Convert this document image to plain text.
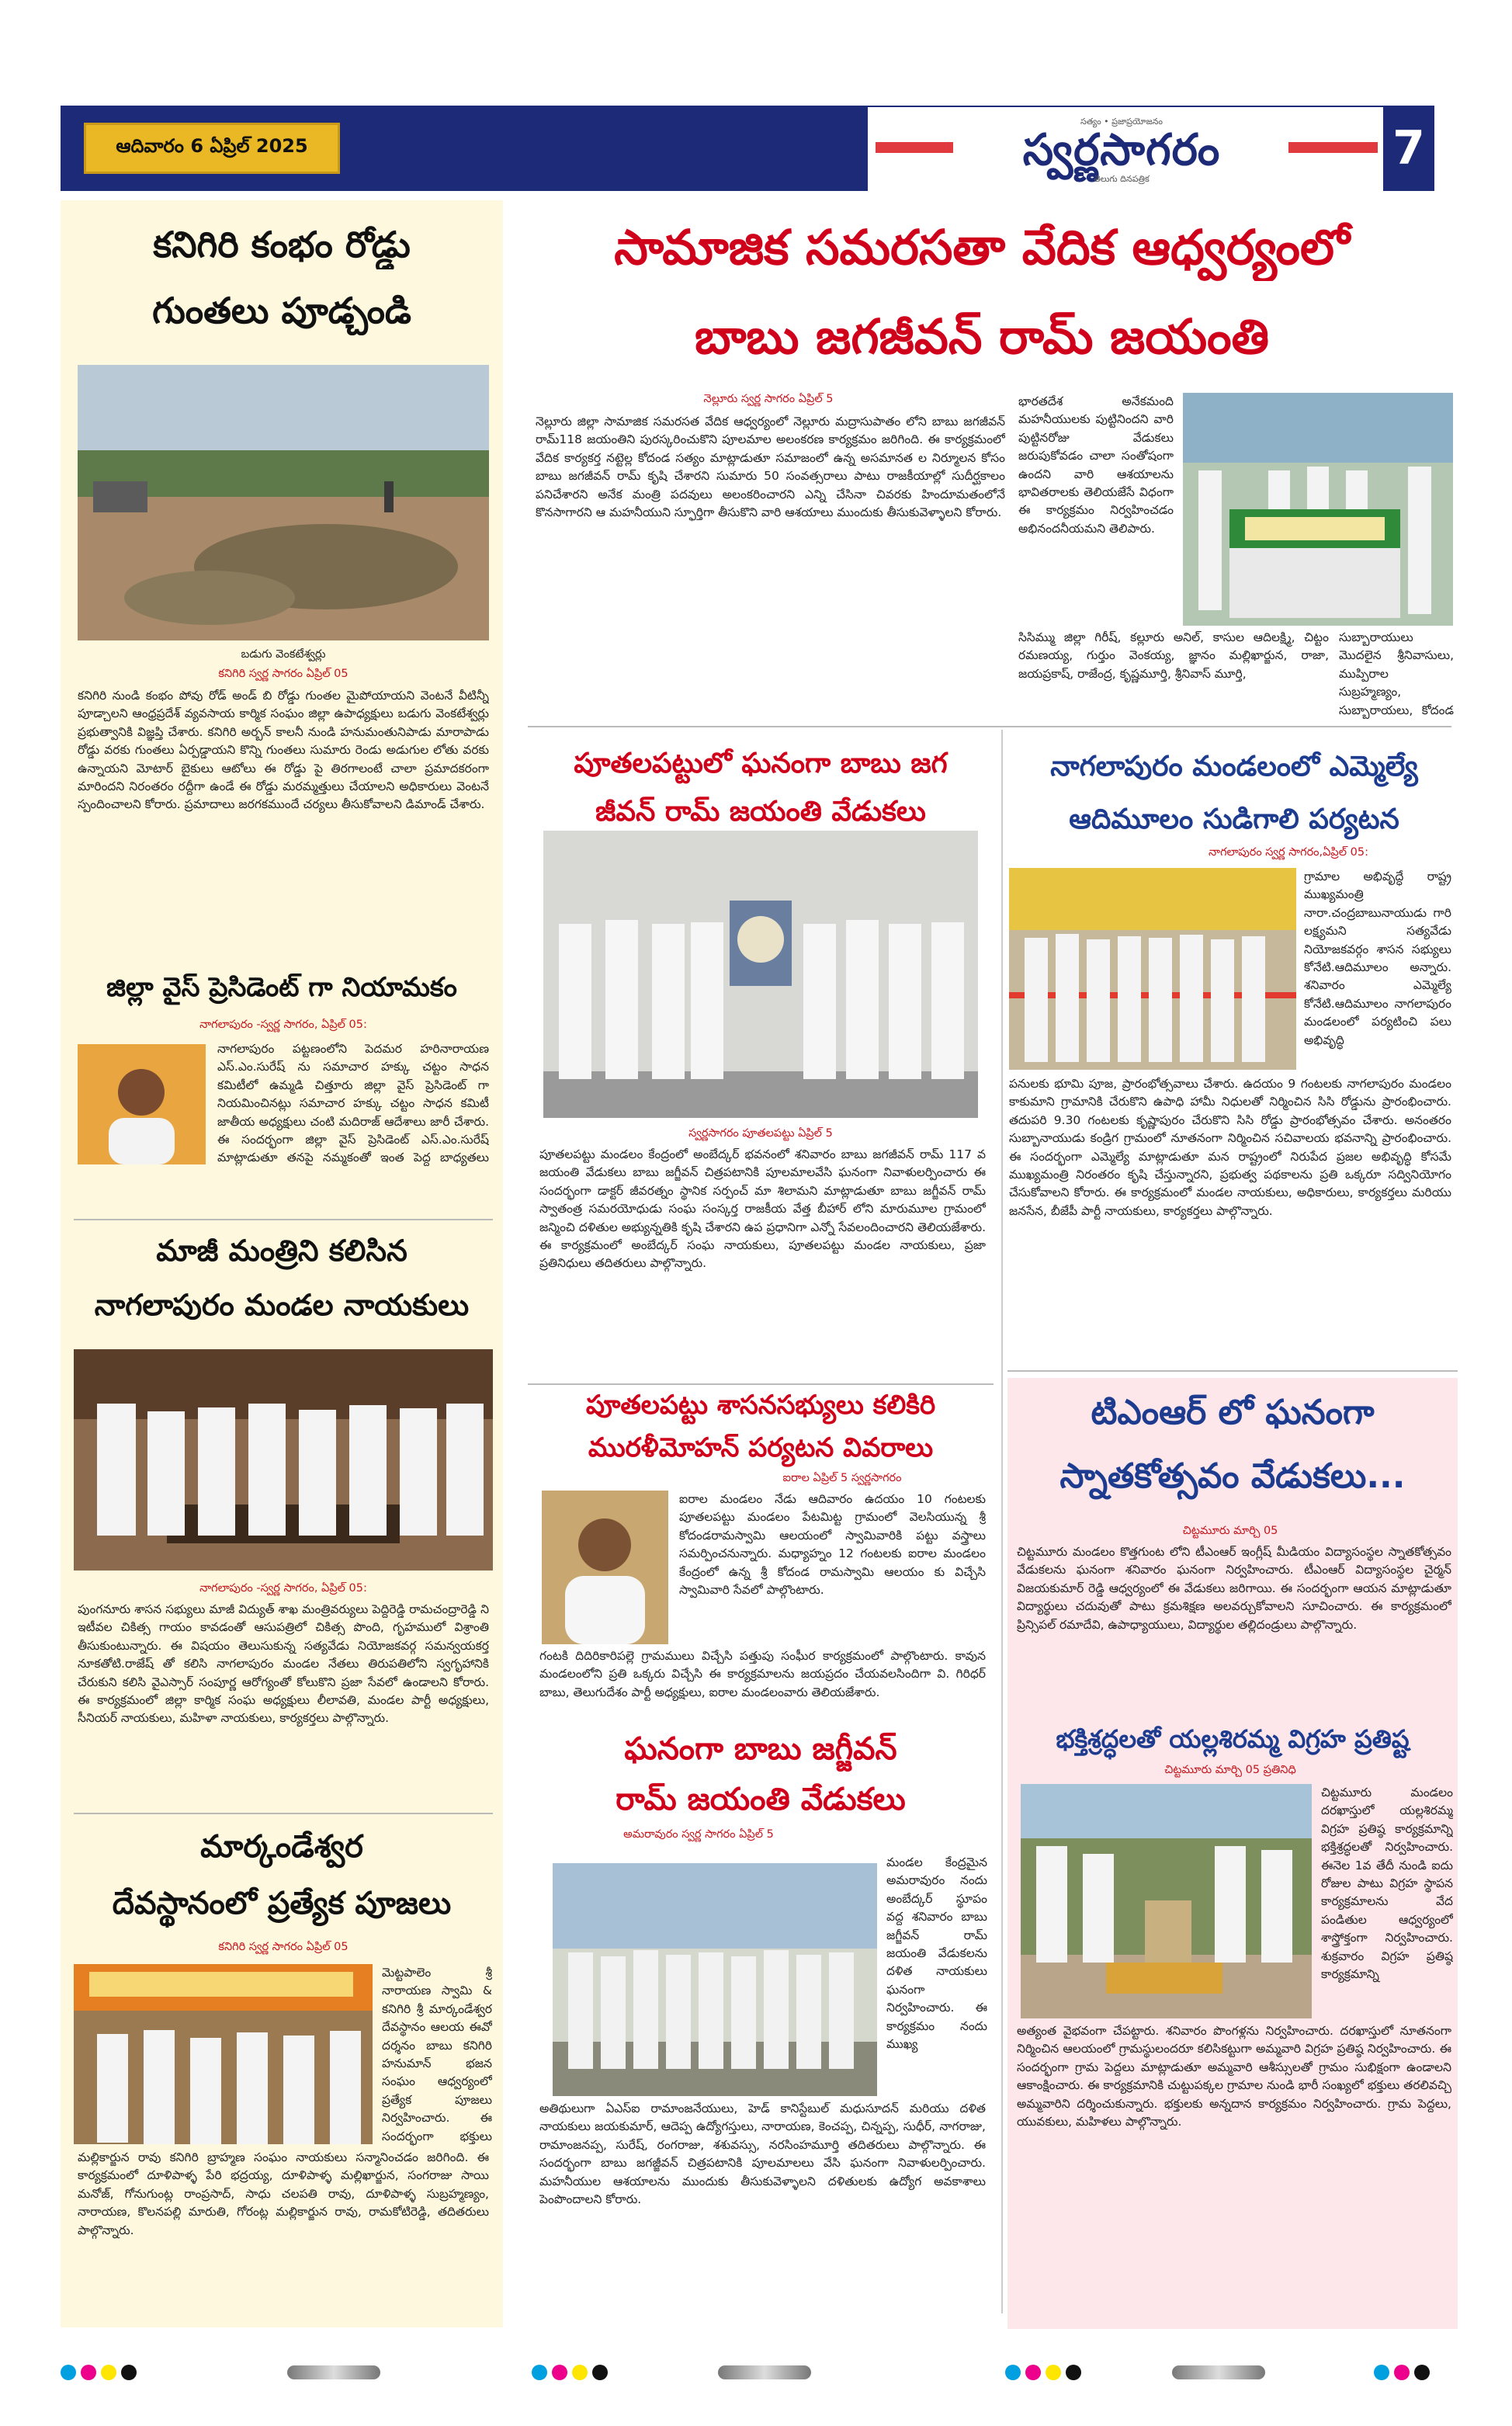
ఆదివారం 6 ఏప్రిల్ 2025
సత్యం • ప్రజాప్రయోజనం
స్వర్ణసాగరం
తెలుగు దినపత్రిక
7
కనిగిరి కంభం రోడ్డు
గుంతలు పూడ్చండి
బడుగు వెంకటేశ్వర్లు
కనిగిరి స్వర్ణ సాగరం ఏప్రిల్ 05
కనిగిరి నుండి కంభం పోవు రోడ్ అండ్ బి రోడ్డు గుంతల మైపోయాయని వెంటనే వీటిన్నీ పూడ్చాలని ఆంధ్రప్రదేశ్ వ్యవసాయ కార్మిక సంఘం జిల్లా ఉపాధ్యక్షులు బడుగు వెంకటేశ్వర్లు ప్రభుత్వానికి విజ్ఞప్తి చేశారు. కనిగిరి అర్బన్ కాలనీ నుండి హనుమంతునిపాడు మారాపాడు రోడ్డు వరకు గుంతలు ఏర్పడ్డాయని కొన్ని గుంతలు సుమారు రెండు అడుగుల లోతు వరకు ఉన్నాయని మోటార్ బైకులు ఆటోలు ఈ రోడ్డు పై తిరగాలంటే చాలా ప్రమాదకరంగా మారిందని నిరంతరం రద్దీగా ఉండే ఈ రోడ్డు మరమ్మత్తులు చేయాలని అధికారులు వెంటనే స్పందించాలని కోరారు. ప్రమాదాలు జరగకముందే చర్యలు తీసుకోవాలని డిమాండ్ చేశారు.
జిల్లా వైస్ ప్రెసిడెంట్ గా నియామకం
నాగలాపురం -స్వర్ణ సాగరం, ఏప్రిల్ 05:
నాగలాపురం పట్టణంలోని పెదమర హరినారాయణ ఎస్.ఎం.సురేష్ ను సమాచార హక్కు చట్టం సాధన కమిటీలో ఉమ్మడి చిత్తూరు జిల్లా వైస్ ప్రెసిడెంట్ గా నియమించినట్లు సమాచార హక్కు చట్టం సాధన కమిటీ జాతీయ అధ్యక్షులు చంటి మదిరాజ్ ఆదేశాలు జారీ చేశారు. ఈ సందర్భంగా జిల్లా వైస్ ప్రెసిడెంట్ ఎస్.ఎం.సురేష్ మాట్లాడుతూ తనపై నమ్మకంతో ఇంత పెద్ద బాధ్యతలు
మాజీ మంత్రిని కలిసిన
నాగలాపురం మండల నాయకులు
నాగలాపురం -స్వర్ణ సాగరం, ఏప్రిల్ 05:
పుంగనూరు శాసన సభ్యులు మాజీ విద్యుత్ శాఖ మంత్రివర్యులు పెద్దిరెడ్డి రామచంద్రారెడ్డి ని ఇటీవల చికిత్స గాయం కావడంతో ఆసుపత్రిలో చికిత్స పొంది, గృహములో విశ్రాంతి తీసుకుంటున్నారు. ఈ విషయం తెలుసుకున్న సత్యవేడు నియోజకవర్గ సమన్వయకర్త నూకతోటి.రాజేష్ తో కలిసి నాగలాపురం మండల నేతలు తిరుపతిలోని స్వగృహానికి చేరుకుని కలిసి వైఎస్సార్ సంపూర్ణ ఆరోగ్యంతో కోలుకొని ప్రజా సేవలో ఉండాలని కోరారు. ఈ కార్యక్రమంలో జిల్లా కార్మిక సంఘ అధ్యక్షులు లీలావతి, మండల పార్టీ అధ్యక్షులు, సీనియర్ నాయకులు, మహిళా నాయకులు, కార్యకర్తలు పాల్గొన్నారు.
మార్కండేశ్వర
దేవస్థానంలో ప్రత్యేక పూజలు
కనిగిరి స్వర్ణ సాగరం ఏప్రిల్ 05
మెట్టపాలెం శ్రీ నారాయణ స్వామి & కనిగిరి శ్రీ మార్కండేశ్వర దేవస్థానం ఆలయ ఈవో దర్శనం బాబు కనిగిరి హనుమాన్ భజన సంఘం ఆధ్వర్యంలో ప్రత్యేక పూజలు నిర్వహించారు. ఈ సందర్భంగా భక్తులు
మల్లికార్జున రావు కనిగిరి బ్రాహ్మణ సంఘం నాయకులు సన్మానించడం జరిగింది. ఈ కార్యక్రమంలో దూళిపాళ్ళ పేరి భద్రయ్య, దూళిపాళ్ళ మల్లిఖార్జున, సంగరాజు సాయి మనోజ్, గోనుగుంట్ల రాంప్రసాద్, సాధు చలపతి రావు, దూళిపాళ్ళ సుబ్రహ్మణ్యం, నారాయణ, కొలనపల్లి మారుతి, గోరంట్ల మల్లికార్జున రావు, రామకోటిరెడ్డి, తదితరులు పాల్గొన్నారు.
సామాజిక సమరసతా వేదిక ఆధ్వర్యంలో
బాబు జగజీవన్ రామ్ జయంతి
నెల్లూరు స్వర్ణ సాగరం ఏప్రిల్ 5
నెల్లూరు జిల్లా సామాజిక సమరసత వేదిక ఆధ్వర్యంలో నెల్లూరు మద్రాసుపాతం లోని బాబు జగజీవన్ రామ్118 జయంతిని పురస్కరించుకొని పూలమాల అలంకరణ కార్యక్రమం జరిగింది. ఈ కార్యక్రమంలో వేదిక కార్యకర్త నట్టెల్ల కోదండ సత్యం మాట్లాడుతూ సమాజంలో ఉన్న అసమానత ల నిర్మూలన కోసం బాబు జగజీవన్ రామ్ కృషి చేశారని సుమారు 50 సంవత్సరాలు పాటు రాజకీయాల్లో సుదీర్ఘకాలం పనిచేశారని అనేక మంత్రి పదవులు అలంకరించారని ఎన్ని చేసినా చివరకు హిందూమతంలోనే కొనసాగారని ఆ మహనీయుని స్ఫూర్తిగా తీసుకొని వారి ఆశయాలు ముందుకు తీసుకువెళ్ళాలని కోరారు.
భారతదేశ అనేకమంది మహనీయులకు పుట్టినిందని వారి పుట్టినరోజు వేడుకలు జరుపుకోవడం చాలా సంతోషంగా ఉందని వారి ఆశయాలను భావితరాలకు తెలియజేసే విధంగా ఈ కార్యక్రమం నిర్వహించడం అభినందనీయమని తెలిపారు.
సిసిమ్ము జిల్లా గిరీష్, కల్లూరు అనిల్, కాసుల ఆదిలక్ష్మి, చిట్టం రమణయ్య, గుర్తుం వెంకయ్య, జ్ఞానం మల్లిఖార్జున, రాజా, జయప్రకాష్, రాజేంద్ర, కృష్ణమూర్తి, శ్రీనివాస్ మూర్తి,
సుబ్బారాయులు మొదలైన శ్రీనివాసులు, ముప్పిరాల సుబ్రహ్మణ్యం, సుబ్బారాయలు, కోదండ
పూతలపట్టులో ఘనంగా బాబు జగ
జీవన్ రామ్ జయంతి వేడుకలు
స్వర్ణసాగరం పూతలపట్టు ఏప్రిల్ 5
పూతలపట్టు మండలం కేంద్రంలో అంబేద్కర్ భవనంలో శనివారం బాబు జగజీవన్ రామ్ 117 వ జయంతి వేడుకలు బాబు జగ్జీవన్ చిత్రపటానికి పూలమాలవేసి ఘనంగా నివాళులర్పించారు ఈ సందర్భంగా డాక్టర్ జీవరత్నం స్థానిక సర్పంచ్ మా శిలామని మాట్లాడుతూ బాబు జగ్జీవన్ రామ్ స్వాతంత్ర సమరయోధుడు సంఘ సంస్కర్త రాజకీయ వేత్త బీహార్ లోని మారుమూల గ్రామంలో జన్మించి దళితుల అభ్యున్నతికి కృషి చేశారని ఉప ప్రధానిగా ఎన్నో సేవలందించారని తెలియజేశారు. ఈ కార్యక్రమంలో అంబేద్కర్ సంఘ నాయకులు, పూతలపట్టు మండల నాయకులు, ప్రజా ప్రతినిధులు తదితరులు పాల్గొన్నారు.
పూతలపట్టు శాసనసభ్యులు కలికిరి
మురళీమోహన్ పర్యటన వివరాలు
ఐరాల ఏప్రిల్ 5 స్వర్ణసాగరం
ఐరాల మండలం నేడు ఆదివారం ఉదయం 10 గంటలకు పూతలపట్టు మండలం పేటమిట్ట గ్రామంలో వెలసియున్న శ్రీ కోదండరామస్వామి ఆలయంలో స్వామివారికి పట్టు వస్త్రాలు సమర్పించనున్నారు. మధ్యాహ్నం 12 గంటలకు ఐరాల మండలం కేంద్రంలో ఉన్న శ్రీ కోదండ రామస్వామి ఆలయం కు విచ్చేసి స్వామివారి సేవలో పాల్గొంటారు.
గంటకి దిదిరికారిపల్లె గ్రామములు విచ్చేసి పత్తుపు సంఘీర కార్యక్రమంలో పాల్గొంటారు. కావున మండలంలోని ప్రతి ఒక్కరు విచ్చేసి ఈ కార్యక్రమాలను జయప్రదం చేయవలసిందిగా వి. గిరిధర్ బాబు, తెలుగుదేశం పార్టీ అధ్యక్షులు, ఐరాల మండలంవారు తెలియజేశారు.
ఘనంగా బాబు జగ్జీవన్
రామ్ జయంతి వేడుకలు
అమరావురం స్వర్ణ సాగరం ఏప్రిల్ 5
మండల కేంద్రమైన అమరావురం నందు అంబేద్కర్ స్థూపం వద్ద శనివారం బాబు జగ్జీవన్ రామ్ జయంతి వేడుకలను దళిత నాయకులు ఘనంగా నిర్వహించారు. ఈ కార్యక్రమం నందు ముఖ్య
అతిథులుగా ఏఎస్ఐ రామాంజనేయులు, హెడ్ కానిస్టేబుల్ మధుసూదన్ మరియు దళిత నాయకులు జయకుమార్, ఆదెప్ప ఉద్యోగస్తులు, నారాయణ, కెంచప్ప, చిన్నప్ప, సుధీర్, నాగరాజు, రామాంజనప్ప, సురేష్, రంగరాజు, శశువస్సు, నరసింహమూర్తి తదితరులు పాల్గొన్నారు. ఈ సందర్భంగా బాబు జగజ్జీవన్ చిత్రపటానికి పూలమాలలు వేసి ఘనంగా నివాళులర్పించారు. మహనీయుల ఆశయాలను ముందుకు తీసుకువెళ్ళాలని దళితులకు ఉద్యోగ అవకాశాలు పెంపొందాలని కోరారు.
నాగలాపురం మండలంలో ఎమ్మెల్యే
ఆదిమూలం సుడిగాలి పర్యటన
నాగలాపురం స్వర్ణ సాగరం,ఏప్రిల్ 05:
గ్రామాల అభివృద్ధే రాష్ట్ర ముఖ్యమంత్రి నారా.చంద్రబాబునాయుడు గారి లక్ష్యమని సత్యవేడు నియోజకవర్గం శాసన సభ్యులు కోనేటి.ఆదిమూలం అన్నారు. శనివారం ఎమ్మెల్యే కోనేటి.ఆదిమూలం నాగలాపురం మండలంలో పర్యటించి పలు అభివృద్ధి
పనులకు భూమి పూజ, ప్రారంభోత్సవాలు చేశారు. ఉదయం 9 గంటలకు నాగలాపురం మండలం కాకుమాని గ్రామానికి చేరుకొని ఉపాధి హామీ నిధులతో నిర్మించిన సిసి రోడ్డును ప్రారంభించారు. తదుపరి 9.30 గంటలకు కృష్ణాపురం చేరుకొని సిసి రోడ్డు ప్రారంభోత్సవం చేశారు. అనంతరం సుబ్బానాయుడు కండ్రిగ గ్రామంలో నూతనంగా నిర్మించిన సచివాలయ భవనాన్ని ప్రారంభించారు. ఈ సందర్భంగా ఎమ్మెల్యే మాట్లాడుతూ మన రాష్ట్రంలో నిరుపేద ప్రజల అభివృద్ధి కోసమే ముఖ్యమంత్రి నిరంతరం కృషి చేస్తున్నారని, ప్రభుత్వ పథకాలను ప్రతి ఒక్కరూ సద్వినియోగం చేసుకోవాలని కోరారు. ఈ కార్యక్రమంలో మండల నాయకులు, అధికారులు, కార్యకర్తలు మరియు జనసేన, బీజేపీ పార్టీ నాయకులు, కార్యకర్తలు పాల్గొన్నారు.
టిఎంఆర్ లో ఘనంగా
స్నాతకోత్సవం వేడుకలు...
చిట్టమూరు మార్చి 05
చిట్టమూరు మండలం కొత్తగుంట లోని టీఎంఆర్ ఇంగ్లీష్ మీడియం విద్యాసంస్థల స్నాతకోత్సవం వేడుకలను ఘనంగా శనివారం ఘనంగా నిర్వహించారు. టీఎంఆర్ విద్యాసంస్థల చైర్మన్ విజయకుమార్ రెడ్డి ఆధ్వర్యంలో ఈ వేడుకలు జరిగాయి. ఈ సందర్భంగా ఆయన మాట్లాడుతూ విద్యార్థులు చదువుతో పాటు క్రమశిక్షణ అలవర్చుకోవాలని సూచించారు. ఈ కార్యక్రమంలో ప్రిన్సిపల్ రమాదేవి, ఉపాధ్యాయులు, విద్యార్థుల తల్లిదండ్రులు పాల్గొన్నారు.
భక్తిశ్రద్ధలతో యల్లశిరమ్మ విగ్రహ ప్రతిష్ట
చిట్టమూరు మార్చి 05 ప్రతినిధి
చిట్టమూరు మండలం దరఖాస్తులో యల్లశిరమ్మ విగ్రహ ప్రతిష్ఠ కార్యక్రమాన్ని భక్తిశ్రద్ధలతో నిర్వహించారు. ఈనెల 1వ తేదీ నుండి ఐదు రోజుల పాటు విగ్రహ స్థాపన కార్యక్రమాలను వేద పండితుల ఆధ్వర్యంలో శాస్త్రోక్తంగా నిర్వహించారు. శుక్రవారం విగ్రహ ప్రతిష్ఠ కార్యక్రమాన్ని
అత్యంత వైభవంగా చేపట్టారు. శనివారం పొంగళ్లను నిర్వహించారు. దరఖాస్తులో నూతనంగా నిర్మించిన ఆలయంలో గ్రామస్థులందరూ కలిసికట్టుగా అమ్మవారి విగ్రహ ప్రతిష్ఠ నిర్వహించారు. ఈ సందర్భంగా గ్రామ పెద్దలు మాట్లాడుతూ అమ్మవారి ఆశీస్సులతో గ్రామం సుభిక్షంగా ఉండాలని ఆకాంక్షించారు. ఈ కార్యక్రమానికి చుట్టుపక్కల గ్రామాల నుండి భారీ సంఖ్యలో భక్తులు తరలివచ్చి అమ్మవారిని దర్శించుకున్నారు. భక్తులకు అన్నదాన కార్యక్రమం నిర్వహించారు. గ్రామ పెద్దలు, యువకులు, మహిళలు పాల్గొన్నారు.
